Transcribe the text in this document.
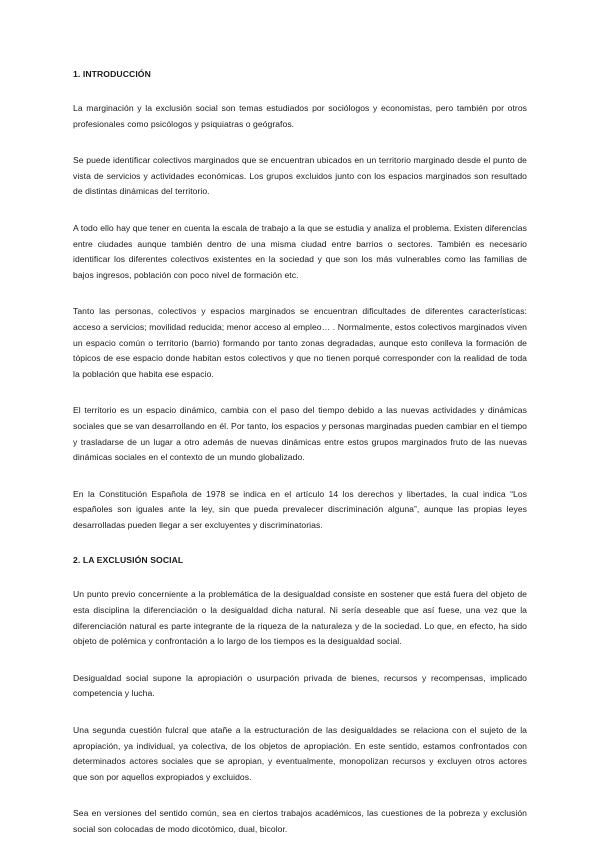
1. INTRODUCCIÓN

La marginación y la exclusión social son temas estudiados por sociólogos y economistas, pero también por otros profesionales como psicólogos y psiquiatras o geógrafos.

Se puede identificar colectivos marginados que se encuentran ubicados en un territorio marginado desde el punto de vista de servicios y actividades económicas. Los grupos excluidos junto con los espacios marginados son resultado de distintas dinámicas del territorio.

A todo ello hay que tener en cuenta la escala de trabajo a la que se estudia y analiza el problema. Existen diferencias entre ciudades aunque también dentro de una misma ciudad entre barrios o sectores. También es necesario identificar los diferentes colectivos existentes en la sociedad y que son los más vulnerables como las familias de bajos ingresos, población con poco nivel de formación etc.

Tanto las personas, colectivos y espacios marginados se encuentran dificultades de diferentes características: acceso a servicios; movilidad reducida; menor acceso al empleo… . Normalmente, estos colectivos marginados viven un espacio común o territorio (barrio) formando por tanto zonas degradadas, aunque esto conlleva la formación de tópicos de ese espacio donde habitan estos colectivos y que no tienen porqué corresponder con la realidad de toda la población que habita ese espacio.

El territorio es un espacio dinámico, cambia con el paso del tiempo debido a las nuevas actividades y dinámicas sociales que se van desarrollando en él. Por tanto, los espacios y personas marginadas pueden cambiar en el tiempo y trasladarse de un lugar a otro además de nuevas dinámicas entre estos grupos marginados fruto de las nuevas dinámicas sociales en el contexto de un mundo globalizado.

En la Constitución Española de 1978 se indica en el artículo 14 los derechos y libertades, la cual indica “Los españoles son iguales ante la ley, sin que pueda prevalecer discriminación alguna”, aunque las propias leyes desarrolladas pueden llegar a ser excluyentes y discriminatorias.

2. LA EXCLUSIÓN SOCIAL

Un punto previo concerniente a la problemática de la desigualdad consiste en sostener que está fuera del objeto de esta disciplina la diferenciación o la desigualdad dicha natural. Ni sería deseable que así fuese, una vez que la diferenciación natural es parte integrante de la riqueza de la naturaleza y de la sociedad. Lo que, en efecto, ha sido objeto de polémica y confrontación a lo largo de los tiempos es la desigualdad social.

Desigualdad social supone la apropiación o usurpación privada de bienes, recursos y recompensas, implicado competencia y lucha.

Una segunda cuestión fulcral que atañe a la estructuración de las desigualdades se relaciona con el sujeto de la apropiación, ya individual, ya colectiva, de los objetos de apropiación. En este sentido, estamos confrontados con determinados actores sociales que se apropian, y eventualmente, monopolizan recursos y excluyen otros actores que son por aquellos expropiados y excluidos.

Sea en versiones del sentido común, sea en ciertos trabajos académicos, las cuestiones de la pobreza y exclusión social son colocadas de modo dicotómico, dual, bicolor.
